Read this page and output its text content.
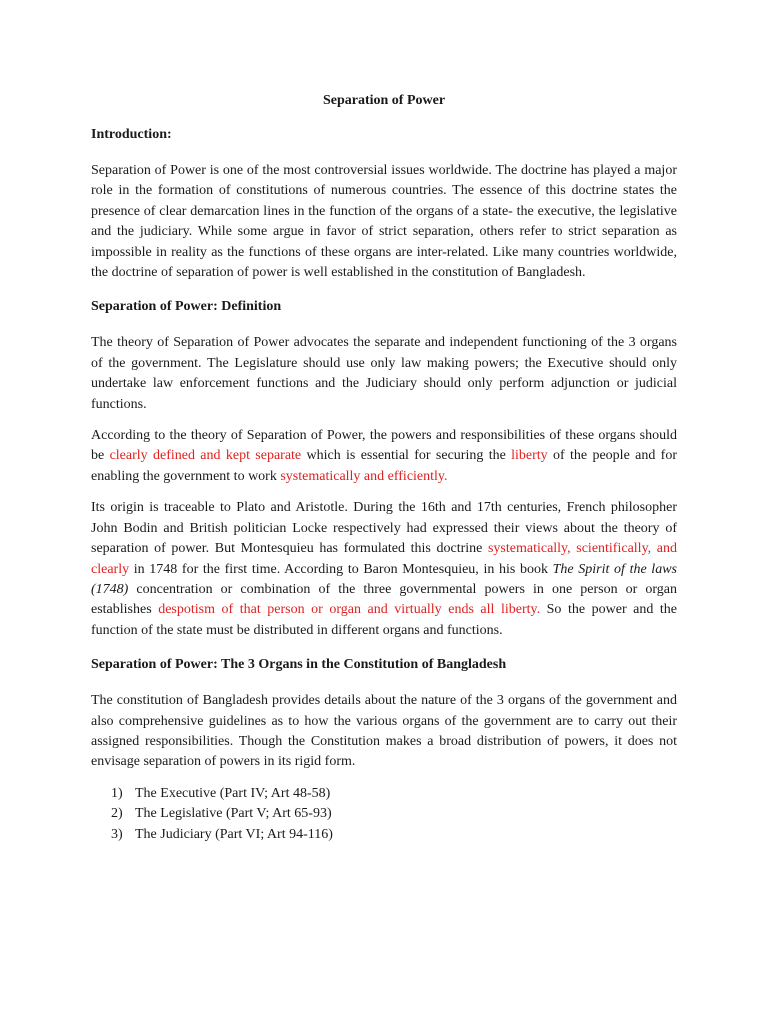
Separation of Power
Introduction:

Separation of Power is one of the most controversial issues worldwide. The doctrine has played a major role in the formation of constitutions of numerous countries. The essence of this doctrine states the presence of clear demarcation lines in the function of the organs of a state- the executive, the legislative and the judiciary. While some argue in favor of strict separation, others refer to strict separation as impossible in reality as the functions of these organs are inter-related. Like many countries worldwide, the doctrine of separation of power is well established in the constitution of Bangladesh.

Separation of Power: Definition

The theory of Separation of Power advocates the separate and independent functioning of the 3 organs of the government. The Legislature should use only law making powers; the Executive should only undertake law enforcement functions and the Judiciary should only perform adjunction or judicial functions.

According to the theory of Separation of Power, the powers and responsibilities of these organs should be clearly defined and kept separate which is essential for securing the liberty of the people and for enabling the government to work systematically and efficiently.

Its origin is traceable to Plato and Aristotle. During the 16th and 17th centuries, French philosopher John Bodin and British politician Locke respectively had expressed their views about the theory of separation of power. But Montesquieu has formulated this doctrine systematically, scientifically, and clearly in 1748 for the first time. According to Baron Montesquieu, in his book The Spirit of the laws (1748) concentration or combination of the three governmental powers in one person or organ establishes despotism of that person or organ and virtually ends all liberty. So the power and the function of the state must be distributed in different organs and functions.

Separation of Power: The 3 Organs in the Constitution of Bangladesh

The constitution of Bangladesh provides details about the nature of the 3 organs of the government and also comprehensive guidelines as to how the various organs of the government are to carry out their assigned responsibilities. Though the Constitution makes a broad distribution of powers, it does not envisage separation of powers in its rigid form.

1) The Executive (Part IV; Art 48-58)
2) The Legislative (Part V; Art 65-93)
3) The Judiciary (Part VI; Art 94-116)
